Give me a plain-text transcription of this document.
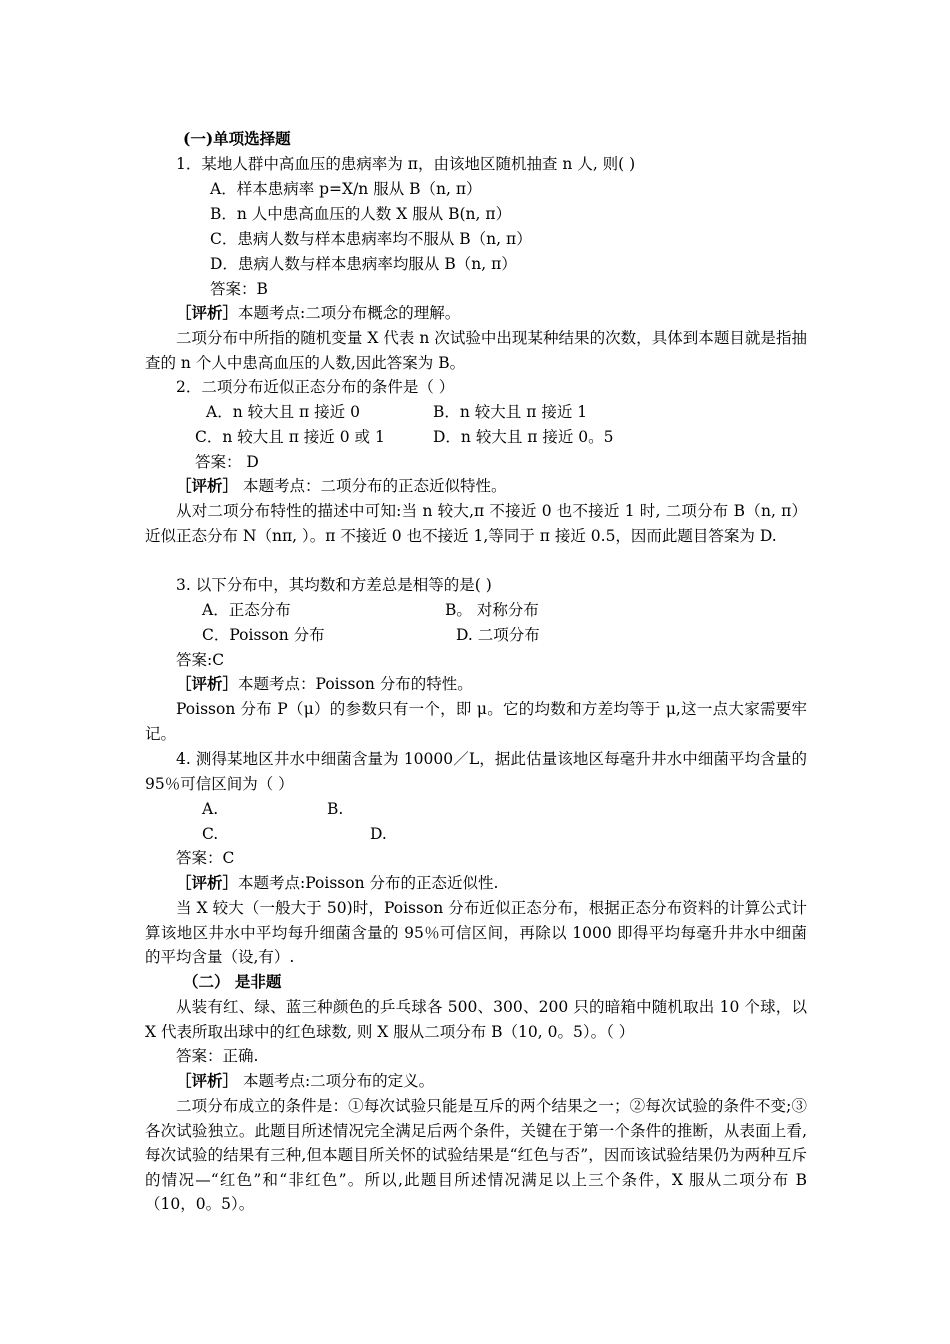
(一)单项选择题
1．某地人群中高血压的患病率为 π，由该地区随机抽查 n 人, 则( )
A．样本患病率 p=X/n 服从 B（n, π）
B．n 人中患高血压的人数 X 服从 B(n, π）
C．患病人数与样本患病率均不服从 B（n, π）
D．患病人数与样本患病率均服从 B（n, π）
答案：B
［评析］本题考点:二项分布概念的理解。
二项分布中所指的随机变量 X 代表 n 次试验中出现某种结果的次数，具体到本题目就是指抽查的 n 个人中患高血压的人数,因此答案为 B。
2．二项分布近似正态分布的条件是（ ）
A．n 较大且 π 接近 0	B．n 较大且 π 接近 1
C．n 较大且 π 接近 0 或 1	D．n 较大且 π 接近 0。5
答案： D
［评析］ 本题考点：二项分布的正态近似特性。
从对二项分布特性的描述中可知:当 n 较大,π 不接近 0 也不接近 1 时, 二项分布 B（n, π）近似正态分布 N（nπ, ）。π 不接近 0 也不接近 1,等同于 π 接近 0.5，因而此题目答案为 D.
3. 以下分布中，其均数和方差总是相等的是( )
A．正态分布	B。 对称分布
C．Poisson 分布	D. 二项分布
答案:C
［评析］本题考点：Poisson 分布的特性。
Poisson 分布 P（μ）的参数只有一个，即 μ。它的均数和方差均等于 μ,这一点大家需要牢记。
4. 测得某地区井水中细菌含量为 10000／L，据此估量该地区每毫升井水中细菌平均含量的 95％可信区间为（ ）
A.	B.
C.	D.
答案：C
［评析］本题考点:Poisson 分布的正态近似性.
当 X 较大（一般大于 50)时，Poisson 分布近似正态分布，根据正态分布资料的计算公式计算该地区井水中平均每升细菌含量的 95％可信区间，再除以 1000 即得平均每毫升井水中细菌的平均含量（设,有）.
（二） 是非题
从装有红、绿、蓝三种颜色的乒乓球各 500、300、200 只的暗箱中随机取出 10 个球，以 X 代表所取出球中的红色球数, 则 X 服从二项分布 B（10, 0。5）。（ ）
答案：正确.
［评析］ 本题考点:二项分布的定义。
二项分布成立的条件是：①每次试验只能是互斥的两个结果之一；②每次试验的条件不变;③ 各次试验独立。此题目所述情况完全满足后两个条件，关键在于第一个条件的推断，从表面上看,每次试验的结果有三种,但本题目所关怀的试验结果是“红色与否”，因而该试验结果仍为两种互斥的情况—“红色”和“非红色”。所以,此题目所述情况满足以上三个条件，X 服从二项分布 B（10，0。5）。
